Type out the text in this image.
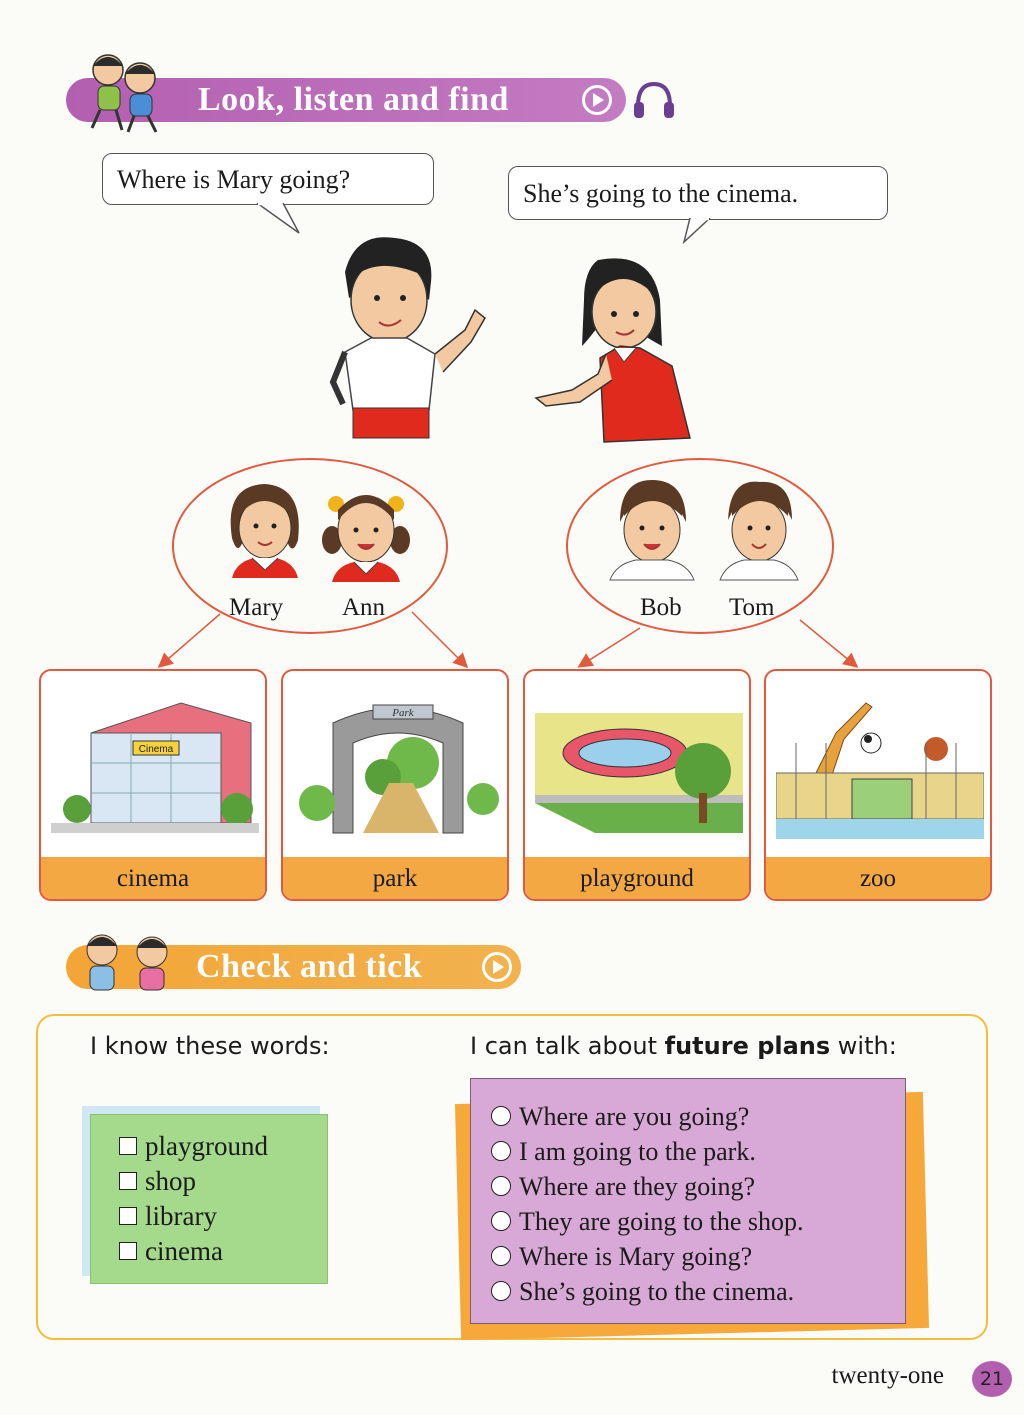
Look, listen and find
Where is Mary going?	She’s going to the cinema.
Mary Ann	Bob Tom
Cinema
cinema
Park
park	playground	zoo
Check and tick
I know these words:	I can talk about future plans with:
playground
shop
library
cinema
Where are you going?
I am going to the park.
Where are they going?
They are going to the shop.
Where is Mary going?
She’s going to the cinema.
twenty-one	21
